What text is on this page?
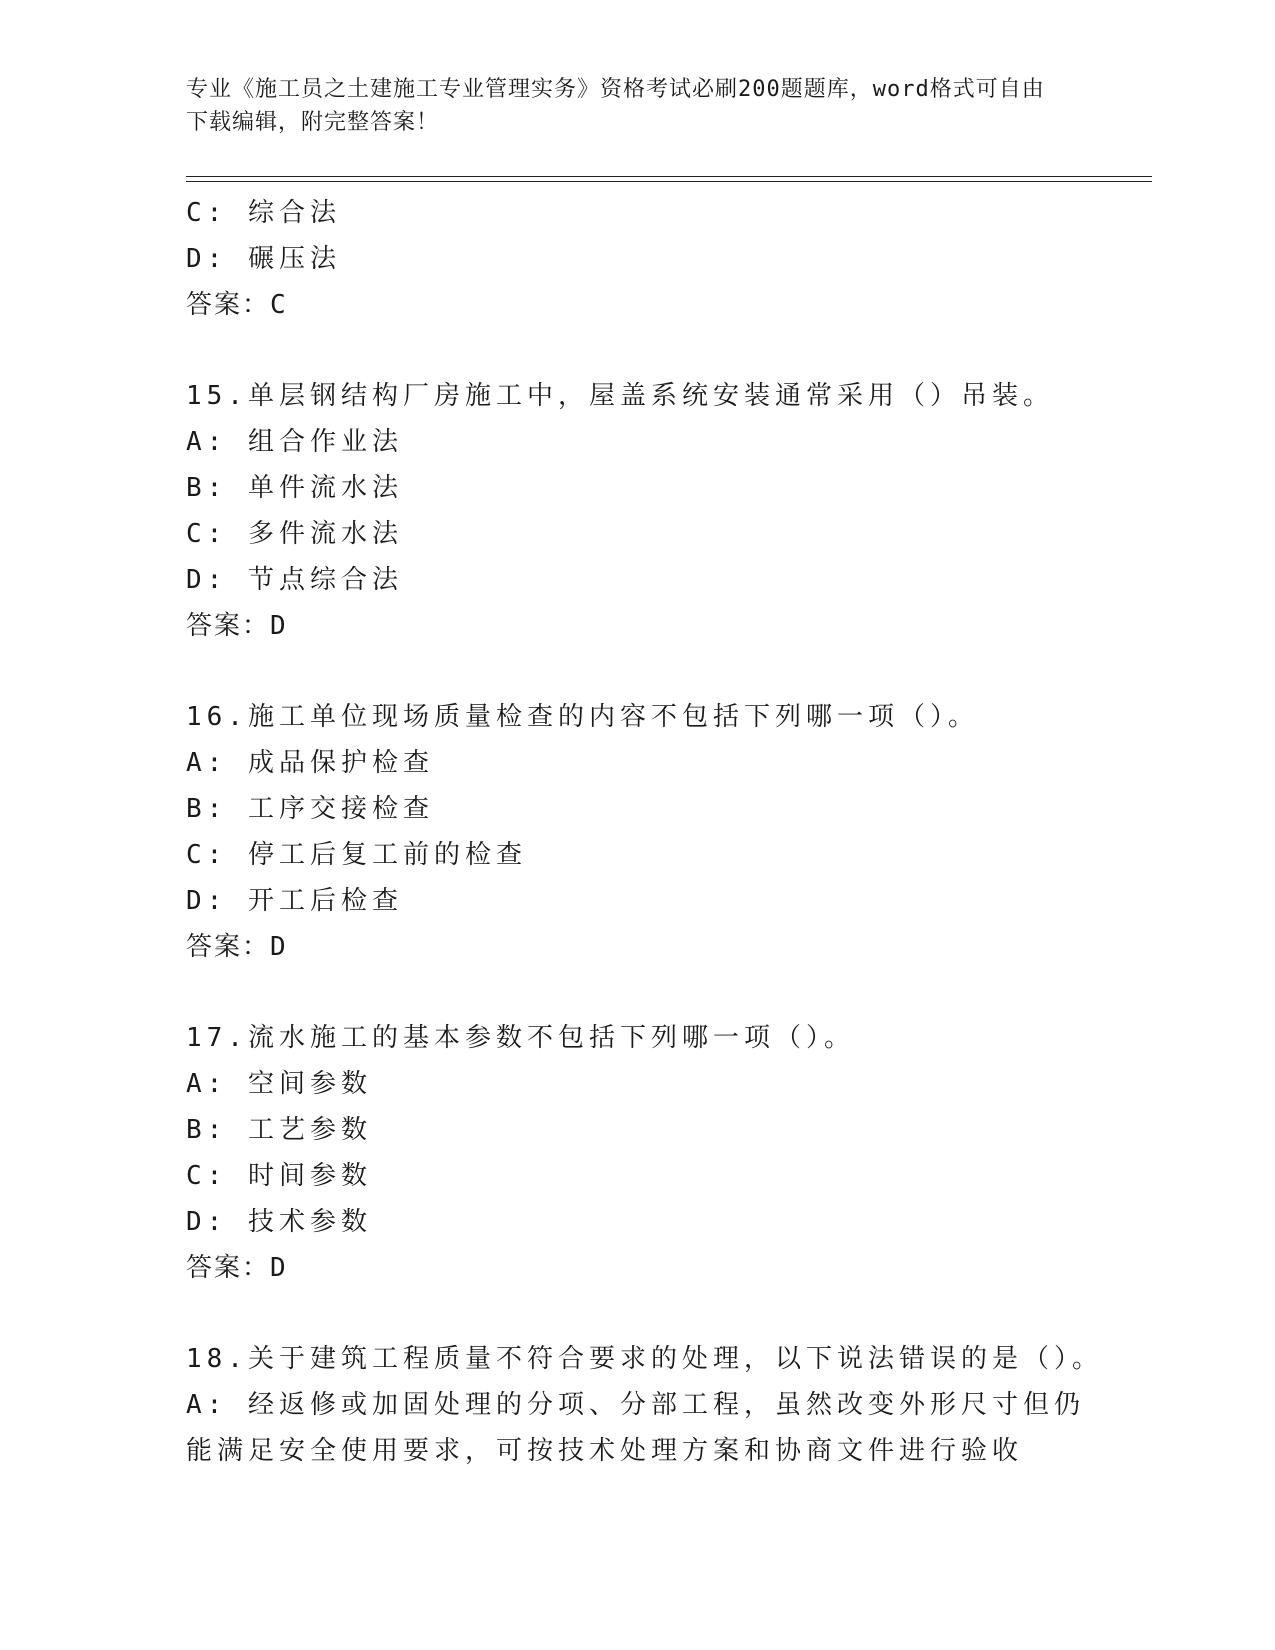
专业《施工员之土建施工专业管理实务》资格考试必刷200题题库，word格式可自由下载编辑，附完整答案！
C: 综合法
D: 碾压法
答案：C
15.单层钢结构厂房施工中，屋盖系统安装通常采用（）吊装。
A: 组合作业法
B: 单件流水法
C: 多件流水法
D: 节点综合法
答案：D
16.施工单位现场质量检查的内容不包括下列哪一项（）。
A: 成品保护检查
B: 工序交接检查
C: 停工后复工前的检查
D: 开工后检查
答案：D
17.流水施工的基本参数不包括下列哪一项（）。
A: 空间参数
B: 工艺参数
C: 时间参数
D: 技术参数
答案：D
18.关于建筑工程质量不符合要求的处理，以下说法错误的是（）。
A: 经返修或加固处理的分项、分部工程，虽然改变外形尺寸但仍能满足安全使用要求，可按技术处理方案和协商文件进行验收
